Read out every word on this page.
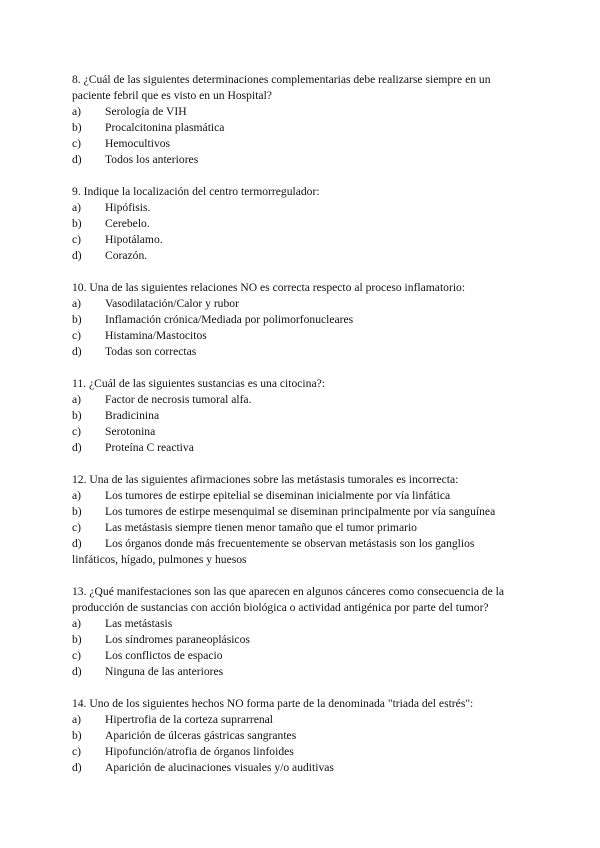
8. ¿Cuál de las siguientes determinaciones complementarias debe realizarse siempre en un paciente febril que es visto en un Hospital?

a)	Serología de VIH
b)	Procalcitonina plasmática
c)	Hemocultivos
d)	Todos los anteriores

9. Indique la localización del centro termorregulador:

a)	Hipófisis.
b)	Cerebelo.
c)	Hipotálamo.
d)	Corazón.

10. Una de las siguientes relaciones NO es correcta respecto al proceso inflamatorio:

a)	Vasodilatación/Calor y rubor
b)	Inflamación crónica/Mediada por polimorfonucleares
c)	Histamina/Mastocitos
d)	Todas son correctas

11. ¿Cuál de las siguientes sustancias es una citocina?:

a)	Factor de necrosis tumoral alfa.
b)	Bradicinina
c)	Serotonina
d)	Proteína C reactiva

12. Una de las siguientes afirmaciones sobre las metástasis tumorales es incorrecta:

a)	Los tumores de estirpe epitelial se diseminan inicialmente por vía linfática
b)	Los tumores de estirpe mesenquimal se diseminan principalmente por vía sanguínea
c)	Las metástasis siempre tienen menor tamaño que el tumor primario
d)	Los órganos donde más frecuentemente se observan metástasis son los ganglios

linfáticos, hígado, pulmones y huesos

13. ¿Qué manifestaciones son las que aparecen en algunos cánceres como consecuencia de la producción de sustancias con acción biológica o actividad antigénica por parte del tumor?

a)	Las metástasis
b)	Los síndromes paraneoplásicos
c)	Los conflictos de espacio
d)	Ninguna de las anteriores

14. Uno de los siguientes hechos NO forma parte de la denominada "triada del estrés":

a)	Hipertrofia de la corteza suprarrenal
b)	Aparición de úlceras gástricas sangrantes
c)	Hipofunción/atrofia de órganos linfoides
d)	Aparición de alucinaciones visuales y/o auditivas
